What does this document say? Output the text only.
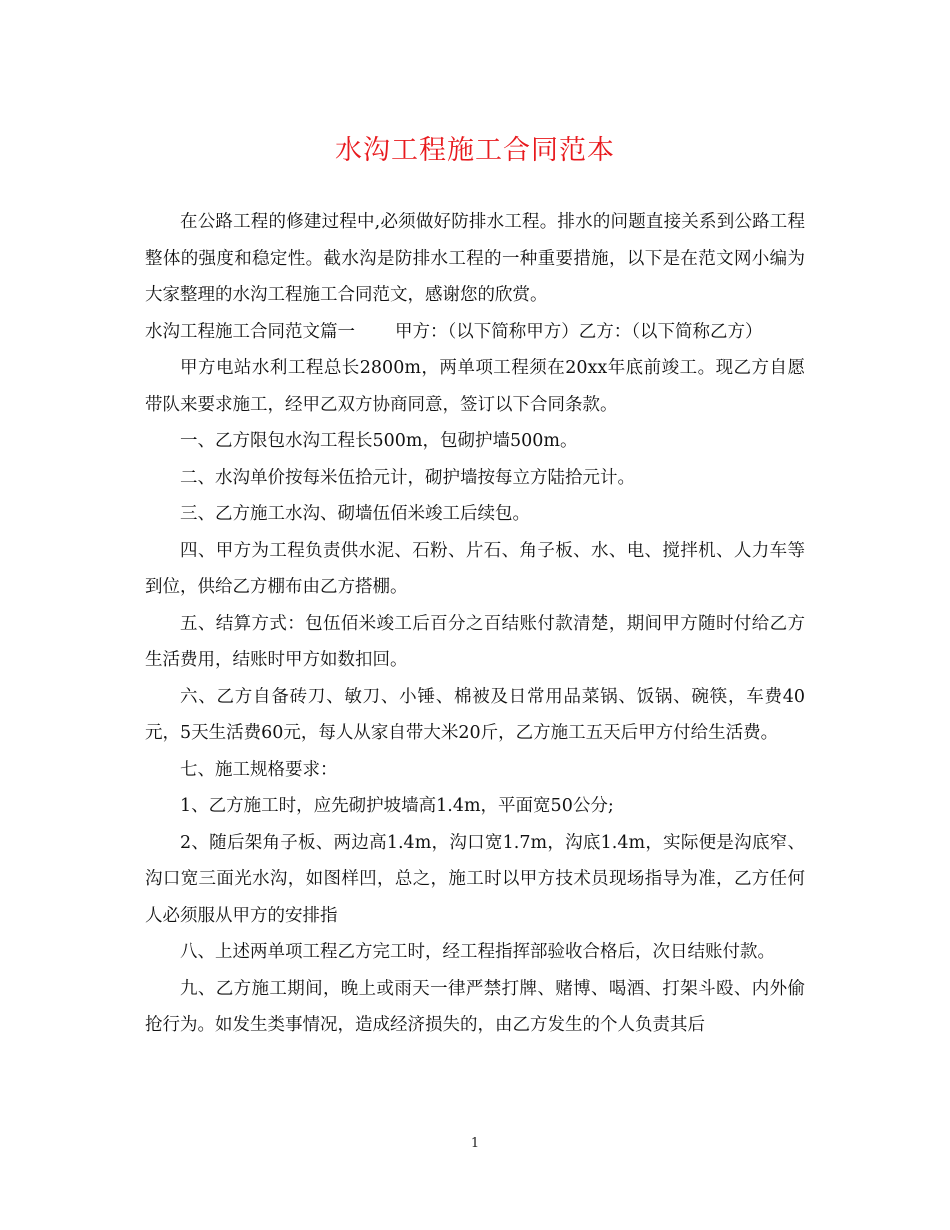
水沟工程施工合同范本

在公路工程的修建过程中,必须做好防排水工程。排水的问题直接关系到公路工程整体的强度和稳定性。截水沟是防排水工程的一种重要措施，以下是在范文网小编为大家整理的水沟工程施工合同范文，感谢您的欣赏。

水沟工程施工合同范文篇一 甲方：（以下简称甲方）乙方：（以下简称乙方）

甲方电站水利工程总长2800m，两单项工程须在20xx年底前竣工。现乙方自愿带队来要求施工，经甲乙双方协商同意，签订以下合同条款。

一、乙方限包水沟工程长500m，包砌护墙500m。

二、水沟单价按每米伍拾元计，砌护墙按每立方陆拾元计。

三、乙方施工水沟、砌墙伍佰米竣工后续包。

四、甲方为工程负责供水泥、石粉、片石、角子板、水、电、搅拌机、人力车等到位，供给乙方棚布由乙方搭棚。

五、结算方式：包伍佰米竣工后百分之百结账付款清楚，期间甲方随时付给乙方生活费用，结账时甲方如数扣回。

六、乙方自备砖刀、敏刀、小锤、棉被及日常用品菜锅、饭锅、碗筷，车费40元，5天生活费60元，每人从家自带大米20斤，乙方施工五天后甲方付给生活费。

七、施工规格要求：

1、乙方施工时，应先砌护坡墙高1.4m，平面宽50公分;

2、随后架角子板、两边高1.4m，沟口宽1.7m，沟底1.4m，实际便是沟底窄、沟口宽三面光水沟，如图样凹，总之，施工时以甲方技术员现场指导为准，乙方任何人必须服从甲方的安排指

八、上述两单项工程乙方完工时，经工程指挥部验收合格后，次日结账付款。

九、乙方施工期间，晚上或雨天一律严禁打牌、赌博、喝酒、打架斗殴、内外偷抢行为。如发生类事情况，造成经济损失的，由乙方发生的个人负责其后

1
